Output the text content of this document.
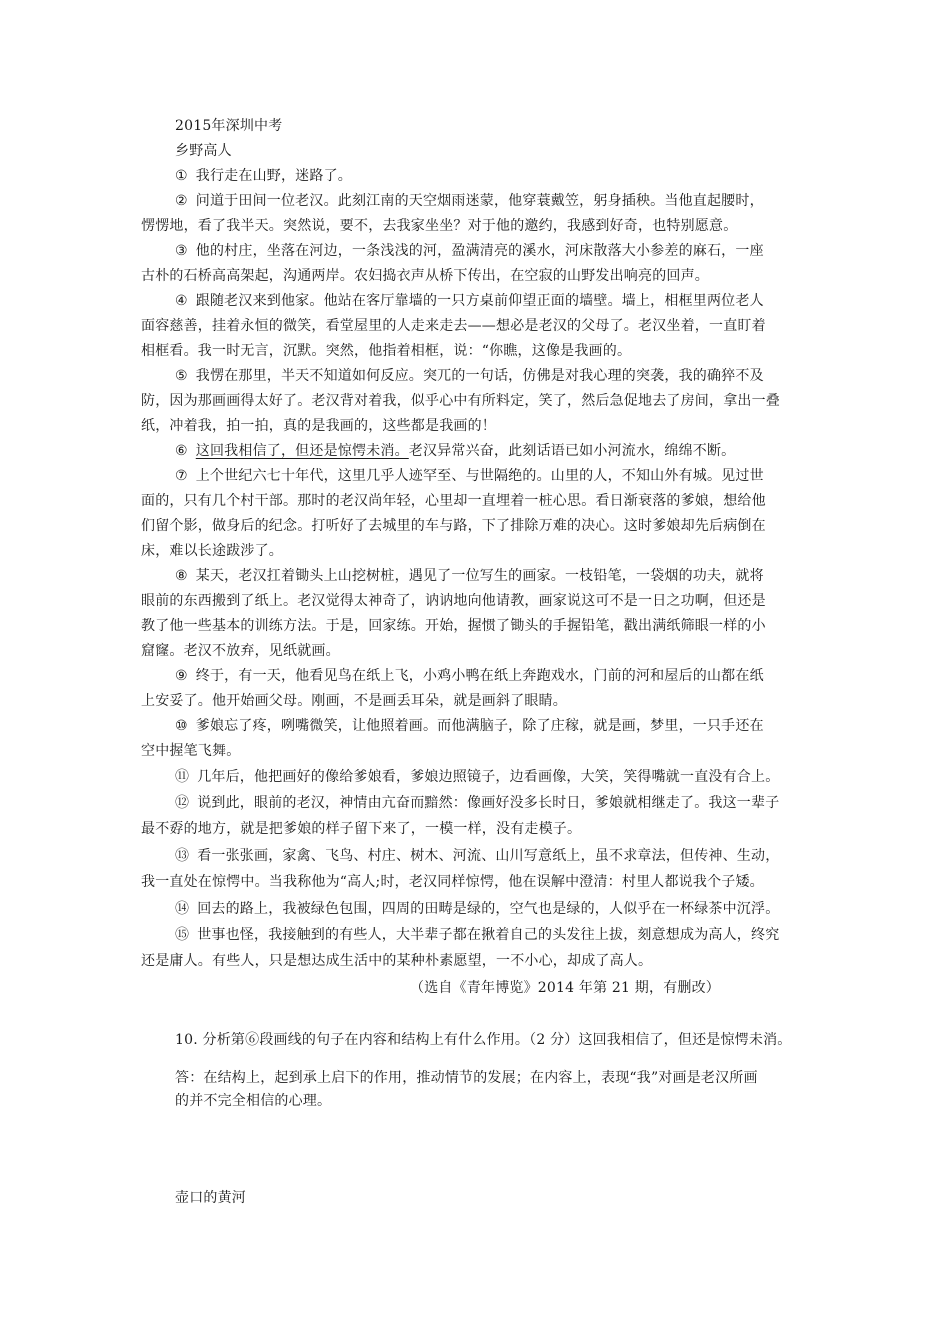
2015年深圳中考
乡野高人
① 我行走在山野，迷路了。
② 问道于田间一位老汉。此刻江南的天空烟雨迷蒙，他穿蓑戴笠，躬身插秧。当他直起腰时，
愣愣地，看了我半天。突然说，要不，去我家坐坐？对于他的邀约，我感到好奇，也特别愿意。
③ 他的村庄，坐落在河边，一条浅浅的河，盈满清亮的溪水，河床散落大小参差的麻石，一座
古朴的石桥高高架起，沟通两岸。农妇捣衣声从桥下传出，在空寂的山野发出响亮的回声。
④ 跟随老汉来到他家。他站在客厅靠墙的一只方桌前仰望正面的墙壁。墙上，相框里两位老人
面容慈善，挂着永恒的微笑，看堂屋里的人走来走去——想必是老汉的父母了。老汉坐着，一直盯着
相框看。我一时无言，沉默。突然，他指着相框，说：“你瞧，这像是我画的。
⑤ 我愣在那里，半天不知道如何反应。突兀的一句话，仿佛是对我心理的突袭，我的确猝不及
防，因为那画画得太好了。老汉背对着我，似乎心中有所料定，笑了，然后急促地去了房间，拿出一叠
纸，冲着我，拍一拍，真的是我画的，这些都是我画的！
⑥ 这回我相信了，但还是惊愕未消。老汉异常兴奋，此刻话语已如小河流水，绵绵不断。
⑦ 上个世纪六七十年代，这里几乎人迹罕至、与世隔绝的。山里的人，不知山外有城。见过世
面的，只有几个村干部。那时的老汉尚年轻，心里却一直埋着一桩心思。看日渐衰落的爹娘，想给他
们留个影，做身后的纪念。打听好了去城里的车与路，下了排除万难的决心。这时爹娘却先后病倒在
床，难以长途跋涉了。
⑧ 某天，老汉扛着锄头上山挖树桩，遇见了一位写生的画家。一枝铅笔，一袋烟的功夫，就将
眼前的东西搬到了纸上。老汉觉得太神奇了，讷讷地向他请教，画家说这可不是一日之功啊，但还是
教了他一些基本的训练方法。于是，回家练。开始，握惯了锄头的手握铅笔，戳出满纸筛眼一样的小
窟窿。老汉不放弃，见纸就画。
⑨ 终于，有一天，他看见鸟在纸上飞，小鸡小鸭在纸上奔跑戏水，门前的河和屋后的山都在纸
上安妥了。他开始画父母。刚画，不是画丢耳朵，就是画斜了眼睛。
⑩ 爹娘忘了疼，咧嘴微笑，让他照着画。而他满脑子，除了庄稼，就是画，梦里，一只手还在
空中握笔飞舞。
⑪ 几年后，他把画好的像给爹娘看，爹娘边照镜子，边看画像，大笑，笑得嘴就一直没有合上。
⑫ 说到此，眼前的老汉，神情由亢奋而黯然：像画好没多长时日，爹娘就相继走了。我这一辈子
最不孬的地方，就是把爹娘的样子留下来了，一模一样，没有走模子。
⑬ 看一张张画，家禽、飞鸟、村庄、树木、河流、山川写意纸上，虽不求章法，但传神、生动，
我一直处在惊愕中。当我称他为“高人;时，老汉同样惊愕，他在误解中澄清：村里人都说我个子矮。
⑭ 回去的路上，我被绿色包围，四周的田畴是绿的，空气也是绿的，人似乎在一杯绿茶中沉浮。
⑮ 世事也怪，我接触到的有些人，大半辈子都在揪着自己的头发往上拔，刻意想成为高人，终究
还是庸人。有些人，只是想达成生活中的某种朴素愿望，一不小心，却成了高人。
（选自《青年博览》2014 年第 21 期，有删改）
10. 分析第⑥段画线的句子在内容和结构上有什么作用。（2 分）这回我相信了，但还是惊愕未消。
答：在结构上，起到承上启下的作用，推动情节的发展；在内容上，表现“我”对画是老汉所画
的并不完全相信的心理。
壶口的黄河
